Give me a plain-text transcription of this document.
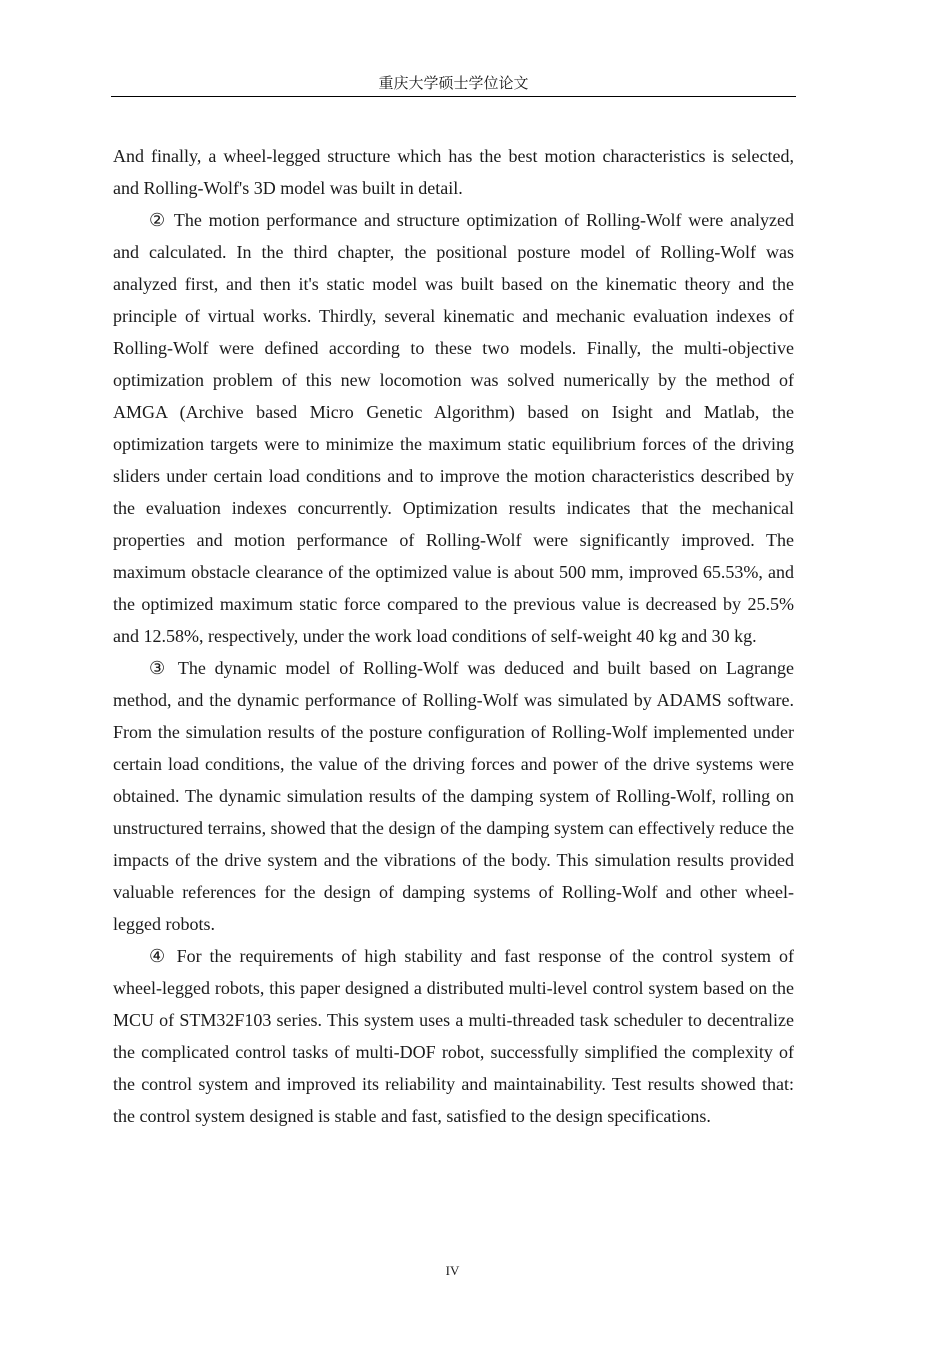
重庆大学硕士学位论文

And finally, a wheel-legged structure which has the best motion characteristics is selected, and Rolling-Wolf's 3D model was built in detail.

② The motion performance and structure optimization of Rolling-Wolf were analyzed and calculated. In the third chapter, the positional posture model of Rolling-Wolf was analyzed first, and then it's static model was built based on the kinematic theory and the principle of virtual works. Thirdly, several kinematic and mechanic evaluation indexes of Rolling-Wolf were defined according to these two models. Finally, the multi-objective optimization problem of this new locomotion was solved numerically by the method of AMGA (Archive based Micro Genetic Algorithm) based on Isight and Matlab, the optimization targets were to minimize the maximum static equilibrium forces of the driving sliders under certain load conditions and to improve the motion characteristics described by the evaluation indexes concurrently. Optimization results indicates that the mechanical properties and motion performance of Rolling-Wolf were significantly improved. The maximum obstacle clearance of the optimized value is about 500 mm, improved 65.53%, and the optimized maximum static force compared to the previous value is decreased by 25.5% and 12.58%, respectively, under the work load conditions of self-weight 40 kg and 30 kg.

③ The dynamic model of Rolling-Wolf was deduced and built based on Lagrange method, and the dynamic performance of Rolling-Wolf was simulated by ADAMS software. From the simulation results of the posture configuration of Rolling-Wolf implemented under certain load conditions, the value of the driving forces and power of the drive systems were obtained. The dynamic simulation results of the damping system of Rolling-Wolf, rolling on unstructured terrains, showed that the design of the damping system can effectively reduce the impacts of the drive system and the vibrations of the body. This simulation results provided valuable references for the design of damping systems of Rolling-Wolf and other wheel-legged robots.

④ For the requirements of high stability and fast response of the control system of wheel-legged robots, this paper designed a distributed multi-level control system based on the MCU of STM32F103 series. This system uses a multi-threaded task scheduler to decentralize the complicated control tasks of multi-DOF robot, successfully simplified the complexity of the control system and improved its reliability and maintainability. Test results showed that: the control system designed is stable and fast, satisfied to the design specifications.

IV
